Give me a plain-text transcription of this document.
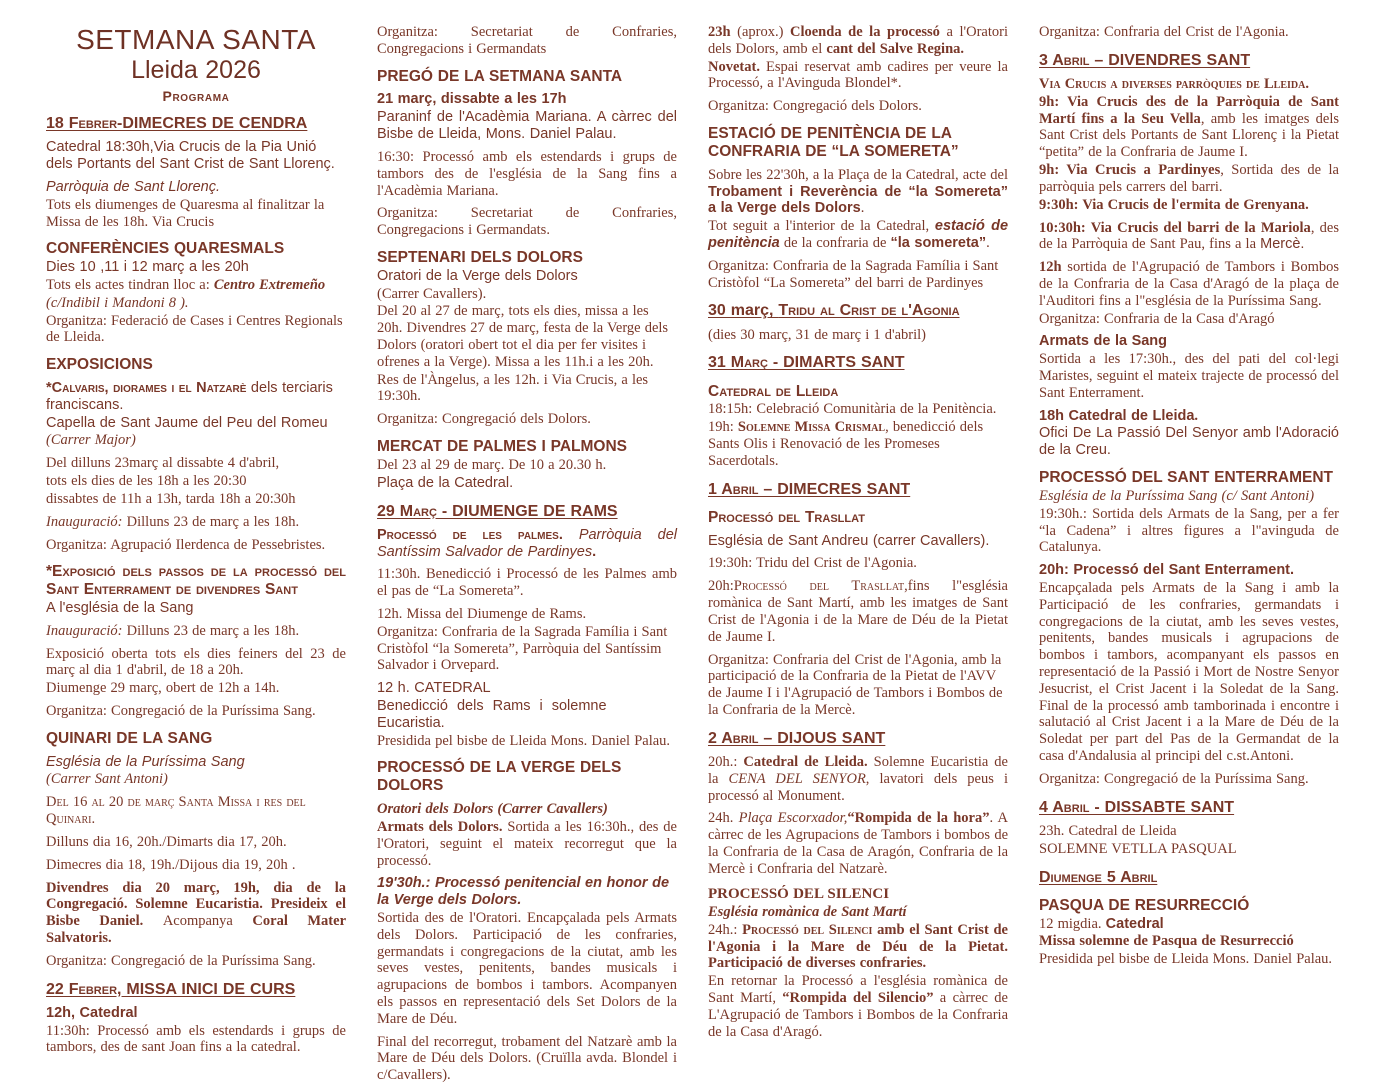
SETMANA SANTA
Lleida 2026
Programa
18 Febrer-DIMECRES DE CENDRA
Catedral 18:30h,Via Crucis de la Pia Unió dels Portants del Sant Crist de Sant Llorenç.
Parròquia de Sant Llorenç.
Tots els diumenges de Quaresma al finalitzar la Missa de les 18h. Via Crucis
CONFERÈNCIES QUARESMALS
Dies 10 ,11 i 12 març a les 20h
Tots els actes tindran lloc a: Centro Extremeño
(c/Indibil i Mandoni 8 ).
Organitza: Federació de Cases i Centres Regionals de Lleida.
EXPOSICIONS
*Calvaris, diorames i el Natzarè dels terciaris franciscans.
Capella de Sant Jaume del Peu del Romeu
(Carrer Major)
Del dilluns 23març al dissabte 4 d'abril,
tots els dies de les 18h a les 20:30
dissabtes de 11h a 13h, tarda 18h a 20:30h
Inauguració: Dilluns 23 de març a les 18h.
Organitza: Agrupació Ilerdenca de Pessebristes.
*Exposició dels passos de la processó del Sant Enterrament de divendres Sant
A l'església de la Sang
Inauguració: Dilluns 23 de març a les 18h.
Exposició oberta tots els dies feiners del 23 de març al dia 1 d'abril, de 18 a 20h.
Diumenge 29 març, obert de 12h a 14h.
Organitza: Congregació de la Puríssima Sang.
QUINARI DE LA SANG
Església de la Puríssima Sang
(Carrer Sant Antoni)
Del 16 al 20 de març Santa Missa i res del Quinari.
Dilluns dia 16, 20h./Dimarts dia 17, 20h.
Dimecres dia 18, 19h./Dijous dia 19, 20h .
Divendres dia 20 març, 19h, dia de la Congregació. Solemne Eucaristia. Presideix el Bisbe Daniel. Acompanya Coral Mater Salvatoris.
Organitza: Congregació de la Puríssima Sang.
22 Febrer, MISSA INICI DE CURS
12h, Catedral
11:30h: Processó amb els estendards i grups de tambors, des de sant Joan fins a la catedral.
Organitza: Secretariat de Confraries, Congregacions i Germandats
PREGÓ DE LA SETMANA SANTA
21 març, dissabte a les 17h
Paraninf de l'Acadèmia Mariana. A càrrec del Bisbe de Lleida, Mons. Daniel Palau.
16:30: Processó amb els estendards i grups de tambors des de l'església de la Sang fins a l'Acadèmia Mariana.
Organitza: Secretariat de Confraries, Congregacions i Germandats.
SEPTENARI DELS DOLORS
Oratori de la Verge dels Dolors
(Carrer Cavallers).
Del 20 al 27 de març, tots els dies, missa a les 20h. Divendres 27 de març, festa de la Verge dels Dolors (oratori obert tot el dia per fer visites i ofrenes a la Verge). Missa a les 11h.i a les 20h.
Res de l'Àngelus, a les 12h. i Via Crucis, a les 19:30h.
Organitza: Congregació dels Dolors.
MERCAT DE PALMES I PALMONS
Del 23 al 29 de març. De 10 a 20.30 h.
Plaça de la Catedral.
29 Març - DIUMENGE DE RAMS
Processó de les palmes. Parròquia del Santíssim Salvador de Pardinyes.
11:30h. Benedicció i Processó de les Palmes amb el pas de “La Somereta”.
12h. Missa del Diumenge de Rams.
Organitza: Confraria de la Sagrada Família i Sant Cristòfol “la Somereta”, Parròquia del Santíssim Salvador i Orvepard.
12 h. CATEDRAL
Benedicció dels Rams i solemne Eucaristia.
Presidida pel bisbe de Lleida Mons. Daniel Palau.
PROCESSÓ DE LA VERGE DELS DOLORS
Oratori dels Dolors (Carrer Cavallers)
Armats dels Dolors. Sortida a les 16:30h., des de l'Oratori, seguint el mateix recorregut que la processó.
19'30h.: Processó penitencial en honor de la Verge dels Dolors.
Sortida des de l'Oratori. Encapçalada pels Armats dels Dolors. Participació de les confraries, germandats i congregacions de la ciutat, amb les seves vestes, penitents, bandes musicals i agrupacions de bombos i tambors. Acompanyen els passos en representació dels Set Dolors de la Mare de Déu.
Final del recorregut, trobament del Natzarè amb la Mare de Déu dels Dolors. (Cruïlla avda. Blondel i c/Cavallers).
23h (aprox.) Cloenda de la processó a l'Oratori dels Dolors, amb el cant del Salve Regina.
Novetat. Espai reservat amb cadires per veure la Processó, a l'Avinguda Blondel*.
Organitza: Congregació dels Dolors.
ESTACIÓ DE PENITÈNCIA DE LA CONFRARIA DE “LA SOMERETA”
Sobre les 22'30h, a la Plaça de la Catedral, acte del Trobament i Reverència de “la Somereta” a la Verge dels Dolors.
Tot seguit a l'interior de la Catedral, estació de penitència de la confraria de “la somereta”.
Organitza: Confraria de la Sagrada Família i Sant Cristòfol “La Somereta” del barri de Pardinyes
30 març, Tridu al Crist de l'Agonia
(dies 30 març, 31 de març i 1 d'abril)
31 Març - DIMARTS SANT
Catedral de Lleida
18:15h: Celebració Comunitària de la Penitència.
19h: Solemne Missa Crismal, benedicció dels Sants Olis i Renovació de les Promeses Sacerdotals.
1 Abril – DIMECRES SANT
Processó del Trasllat
Església de Sant Andreu (carrer Cavallers).
19:30h: Tridu del Crist de l'Agonia.
20h:Processó del Trasllat,fins l"església romànica de Sant Martí, amb les imatges de Sant Crist de l'Agonia i de la Mare de Déu de la Pietat de Jaume I.
Organitza: Confraria del Crist de l'Agonia, amb la participació de la Confraria de la Pietat de l'AVV de Jaume I i l'Agrupació de Tambors i Bombos de la Confraria de la Mercè.
2 Abril – DIJOUS SANT
20h.: Catedral de Lleida. Solemne Eucaristia de la CENA DEL SENYOR, lavatori dels peus i processó al Monument.
24h. Plaça Escorxador,“Rompida de la hora”. A càrrec de les Agrupacions de Tambors i bombos de la Confraria de la Casa de Aragón, Confraria de la Mercè i Confraria del Natzarè.
PROCESSÓ DEL SILENCI
Església romànica de Sant Martí
24h.: Processó del Silenci amb el Sant Crist de l'Agonia i la Mare de Déu de la Pietat. Participació de diverses confraries.
En retornar la Processó a l'església romànica de Sant Martí, “Rompida del Silencio” a càrrec de L'Agrupació de Tambors i Bombos de la Confraria de la Casa d'Aragó.
Organitza: Confraria del Crist de l'Agonia.
3 Abril – DIVENDRES SANT
Via Crucis a diverses parròquies de Lleida.
9h: Via Crucis des de la Parròquia de Sant Martí fins a la Seu Vella, amb les imatges dels Sant Crist dels Portants de Sant Llorenç i la Pietat “petita” de la Confraria de Jaume I.
9h: Via Crucis a Pardinyes, Sortida des de la parròquia pels carrers del barri.
9:30h: Via Crucis de l'ermita de Grenyana.
10:30h: Via Crucis del barri de la Mariola, des de la Parròquia de Sant Pau, fins a la Mercè.
12h sortida de l'Agrupació de Tambors i Bombos de la Confraria de la Casa d'Aragó de la plaça de l'Auditori fins a l"església de la Puríssima Sang.
Organitza: Confraria de la Casa d'Aragó
Armats de la Sang
Sortida a les 17:30h., des del pati del col·legi Maristes, seguint el mateix trajecte de processó del Sant Enterrament.
18h Catedral de Lleida.
Ofici De La Passió Del Senyor amb l'Adoració de la Creu.
PROCESSÓ DEL SANT ENTERRAMENT
Església de la Puríssima Sang (c/ Sant Antoni)
19:30h.: Sortida dels Armats de la Sang, per a fer “la Cadena” i altres figures a l"avinguda de Catalunya.
20h: Processó del Sant Enterrament.
Encapçalada pels Armats de la Sang i amb la Participació de les confraries, germandats i congregacions de la ciutat, amb les seves vestes, penitents, bandes musicals i agrupacions de bombos i tambors, acompanyant els passos en representació de la Passió i Mort de Nostre Senyor Jesucrist, el Crist Jacent i la Soledat de la Sang. Final de la processó amb tamborinada i encontre i salutació al Crist Jacent i a la Mare de Déu de la Soledat per part del Pas de la Germandat de la casa d'Andalusia al principi del c.st.Antoni.
Organitza: Congregació de la Puríssima Sang.
4 Abril - DISSABTE SANT
23h. Catedral de Lleida
SOLEMNE VETLLA PASQUAL
Diumenge 5 Abril
PASQUA DE RESURRECCIÓ
12 migdia. Catedral
Missa solemne de Pasqua de Resurrecció
Presidida pel bisbe de Lleida Mons. Daniel Palau.
